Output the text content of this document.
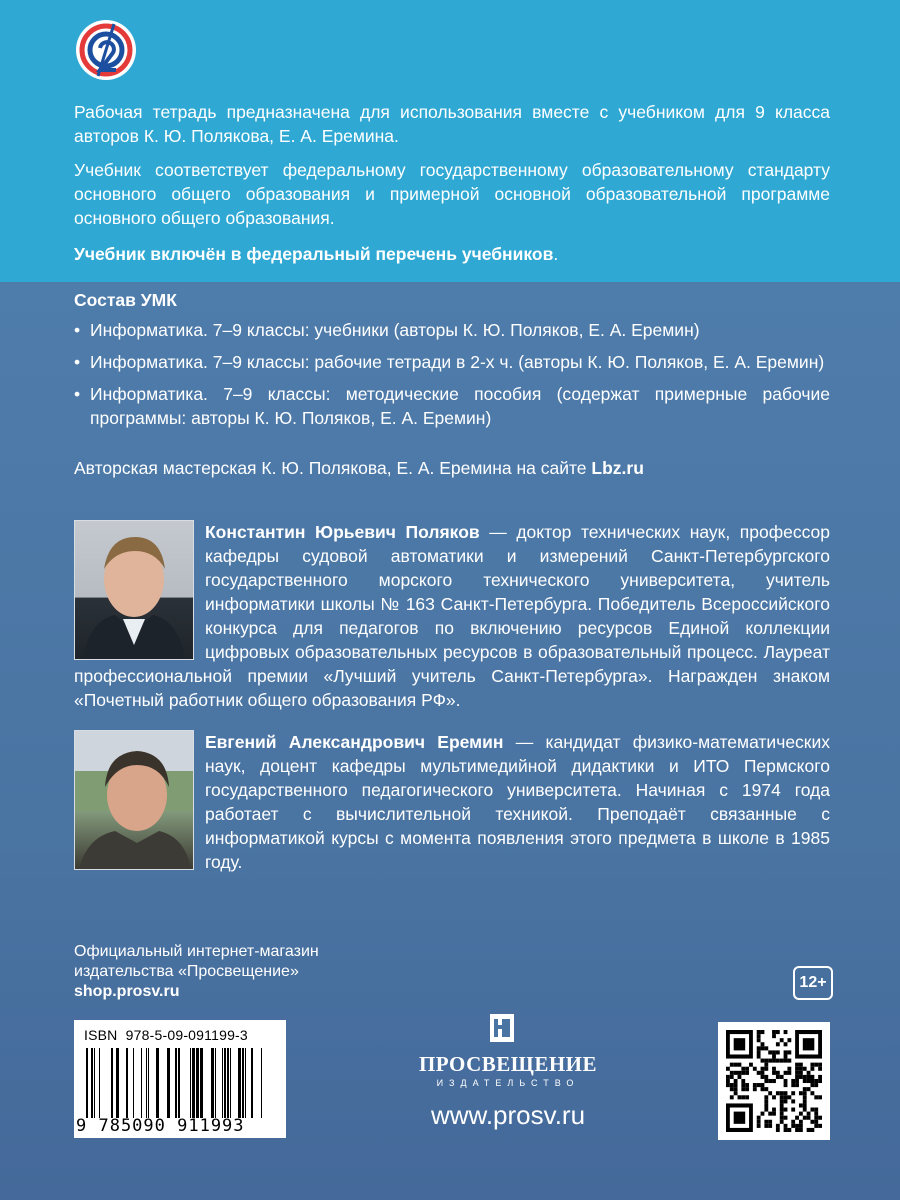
Рабочая тетрадь предназначена для использования вместе с учебником для 9 класса авторов К. Ю. Полякова, Е. А. Еремина.

Учебник соответствует федеральному государственному образовательному стандарту основного общего образования и примерной основной образовательной программе основного общего образования.

Учебник включён в федеральный перечень учебников.

Состав УМК

• Информатика. 7–9 классы: учебники (авторы К. Ю. Поляков, Е. А. Еремин)
• Информатика. 7–9 классы: рабочие тетради в 2-х ч. (авторы К. Ю. Поляков, Е. А. Еремин)
• Информатика. 7–9 классы: методические пособия (содержат примерные рабочие программы: авторы К. Ю. Поляков, Е. А. Еремин)

Авторская мастерская К. Ю. Полякова, Е. А. Еремина на сайте Lbz.ru

Константин Юрьевич Поляков — доктор технических наук, профессор кафедры судовой автоматики и измерений Санкт-Петербургского государственного морского технического университета, учитель информатики школы № 163 Санкт-Петербурга. Победитель Всероссийского конкурса для педагогов по включению ресурсов Единой коллекции цифровых образовательных ресурсов в образовательный процесс. Лауреат профессиональной премии «Лучший учитель Санкт-Петербурга». Награжден знаком «Почетный работник общего образования РФ».

Евгений Александрович Еремин — кандидат физико-математических наук, доцент кафедры мультимедийной дидактики и ИТО Пермского государственного педагогического университета. Начиная с 1974 года работает с вычислительной техникой. Преподаёт связанные с информатикой курсы с момента появления этого предмета в школе в 1985 году.

Официальный интернет-магазин
издательства «Просвещение»
shop.prosv.ru

12+
ISBN 978-5-09-091199-3
9 785090 911993
ПРОСВЕЩЕНИЕ
ИЗДАТЕЛЬСТВО
www.prosv.ru
